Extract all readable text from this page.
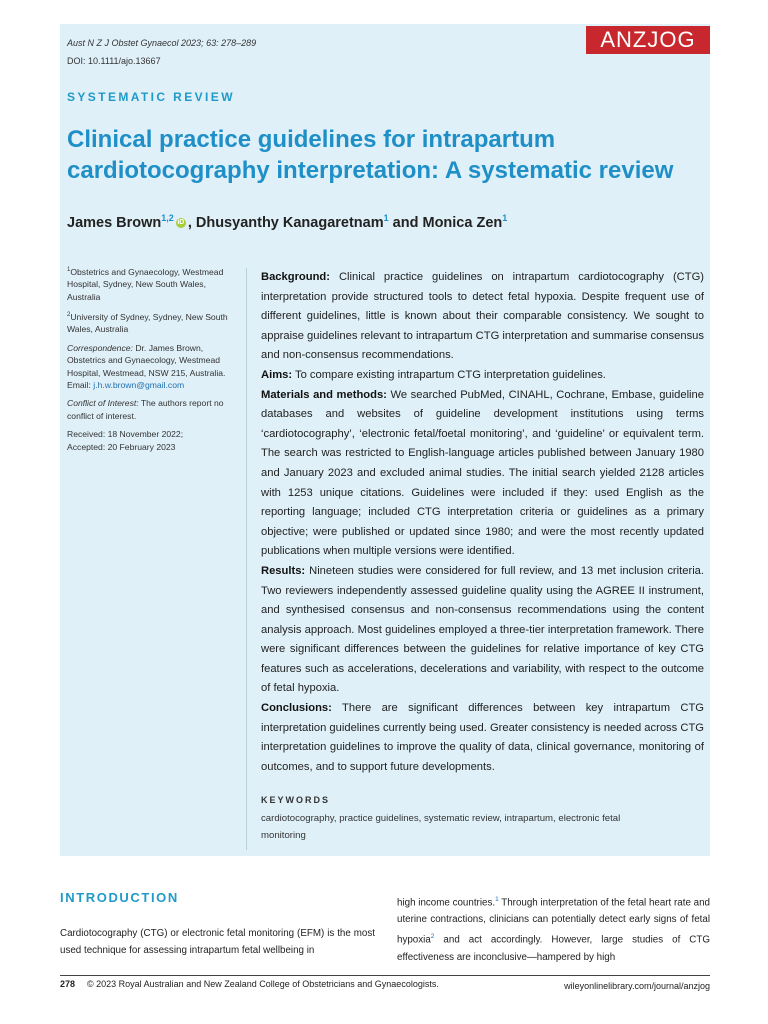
Aust N Z J Obstet Gynaecol 2023; 63: 278–289
DOI: 10.1111/ajo.13667
ANZJOG
SYSTEMATIC REVIEW
Clinical practice guidelines for intrapartum cardiotocography interpretation: A systematic review
James Brown$^{1,2}$ iD , Dhusyanthy Kanagaretnam$^1$ and Monica Zen$^1$

$^1$Obstetrics and Gynaecology, Westmead Hospital, Sydney, New South Wales, Australia

$^2$University of Sydney, Sydney, New South Wales, Australia

Correspondence: Dr. James Brown, Obstetrics and Gynaecology, Westmead Hospital, Westmead, NSW 215, Australia.
Email: j.h.w.brown@gmail.com

Conflict of Interest: The authors report no conflict of interest.

Received: 18 November 2022;
Accepted: 20 February 2023

Background: Clinical practice guidelines on intrapartum cardiotocography (CTG) interpretation provide structured tools to detect fetal hypoxia. Despite frequent use of different guidelines, little is known about their comparable consistency. We sought to appraise guidelines relevant to intrapartum CTG interpretation and summarise consensus and non-consensus recommendations.

Aims: To compare existing intrapartum CTG interpretation guidelines.

Materials and methods: We searched PubMed, CINAHL, Cochrane, Embase, guideline databases and websites of guideline development institutions using terms ‘cardiotocography’, ‘electronic fetal/foetal monitoring’, and ‘guideline’ or equivalent term. The search was restricted to English-language articles published between January 1980 and January 2023 and excluded animal studies. The initial search yielded 2128 articles with 1253 unique citations. Guidelines were included if they: used English as the reporting language; included CTG interpretation criteria or guidelines as a primary objective; were published or updated since 1980; and were the most recently updated publications when multiple versions were identified.

Results: Nineteen studies were considered for full review, and 13 met inclusion criteria. Two reviewers independently assessed guideline quality using the AGREE II instrument, and synthesised consensus and non-consensus recommendations using the content analysis approach. Most guidelines employed a three-tier interpretation framework. There were significant differences between the guidelines for relative importance of key CTG features such as accelerations, decelerations and variability, with respect to the outcome of fetal hypoxia.

Conclusions: There are significant differences between key intrapartum CTG interpretation guidelines currently being used. Greater consistency is needed across CTG interpretation guidelines to improve the quality of data, clinical governance, monitoring of outcomes, and to support future developments.

KEYWORDS
cardiotocography, practice guidelines, systematic review, intrapartum, electronic fetal monitoring
INTRODUCTION

Cardiotocography (CTG) or electronic fetal monitoring (EFM) is the most used technique for assessing intrapartum fetal wellbeing in

high income countries.$^1$ Through interpretation of the fetal heart rate and uterine contractions, clinicians can potentially detect early signs of fetal hypoxia$^2$ and act accordingly. However, large studies of CTG effectiveness are inconclusive—hampered by high

278 © 2023 Royal Australian and New Zealand College of Obstetricians and Gynaecologists.	wileyonlinelibrary.com/journal/anzjog
